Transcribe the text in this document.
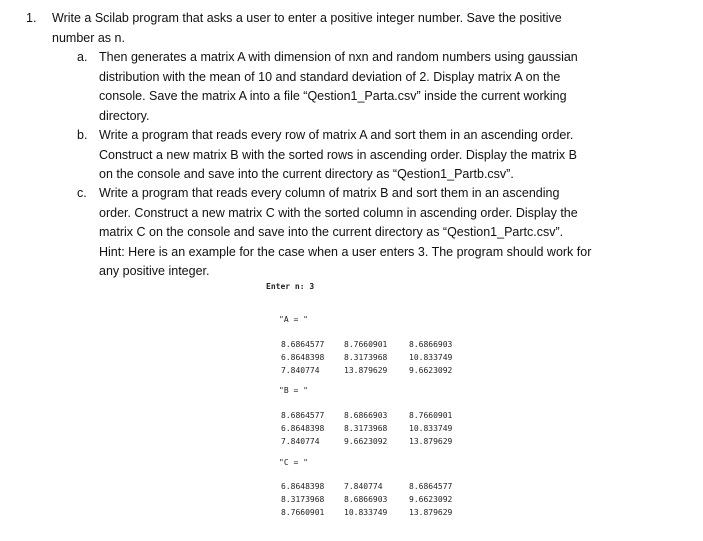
1. Write a Scilab program that asks a user to enter a positive integer number. Save the positive
number as n.
a. Then generates a matrix A with dimension of nxn and random numbers using gaussian
distribution with the mean of 10 and standard deviation of 2. Display matrix A on the
console. Save the matrix A into a file “Qestion1_Parta.csv” inside the current working
directory.
b. Write a program that reads every row of matrix A and sort them in an ascending order.
Construct a new matrix B with the sorted rows in ascending order. Display the matrix B
on the console and save into the current directory as “Qestion1_Partb.csv”.
c. Write a program that reads every column of matrix B and sort them in an ascending
order. Construct a new matrix C with the sorted column in ascending order. Display the
matrix C on the console and save into the current directory as “Qestion1_Partc.csv”.
Hint: Here is an example for the case when a user enters 3. The program should work for
any positive integer.
Enter n: 3
"A = "

8.6864577 8.7660901	8.6866903

6.8648398 8.3173968	10.833749

7.840774	13.879629	9.6623092

"B = "

8.6864577 8.6866903	8.7660901

6.8648398 8.3173968	10.833749

7.840774	9.6623092	13.879629

"C = "

6.8648398 7.840774	8.6864577

8.3173968 8.6866903	9.6623092

8.7660901 10.833749	13.879629
